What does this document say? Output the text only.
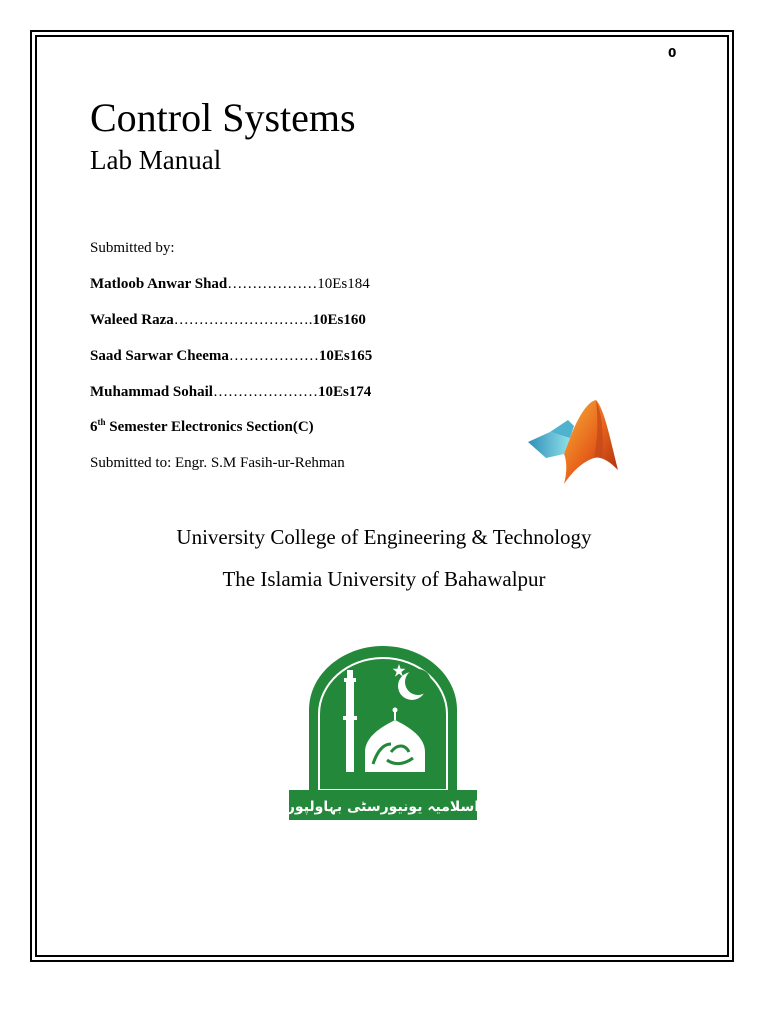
0
Control Systems
Lab Manual
Submitted by:
Matloob Anwar Shad………………10Es184
Waleed Raza……………………….10Es160
Saad Sarwar Cheema………………10Es165
Muhammad Sohail…………………10Es174
6th Semester Electronics Section(C)
Submitted to: Engr. S.M Fasih-ur-Rehman
University College of Engineering & Technology
The Islamia University of Bahawalpur
اسلامیہ یونیورسٹی بہاولپور
